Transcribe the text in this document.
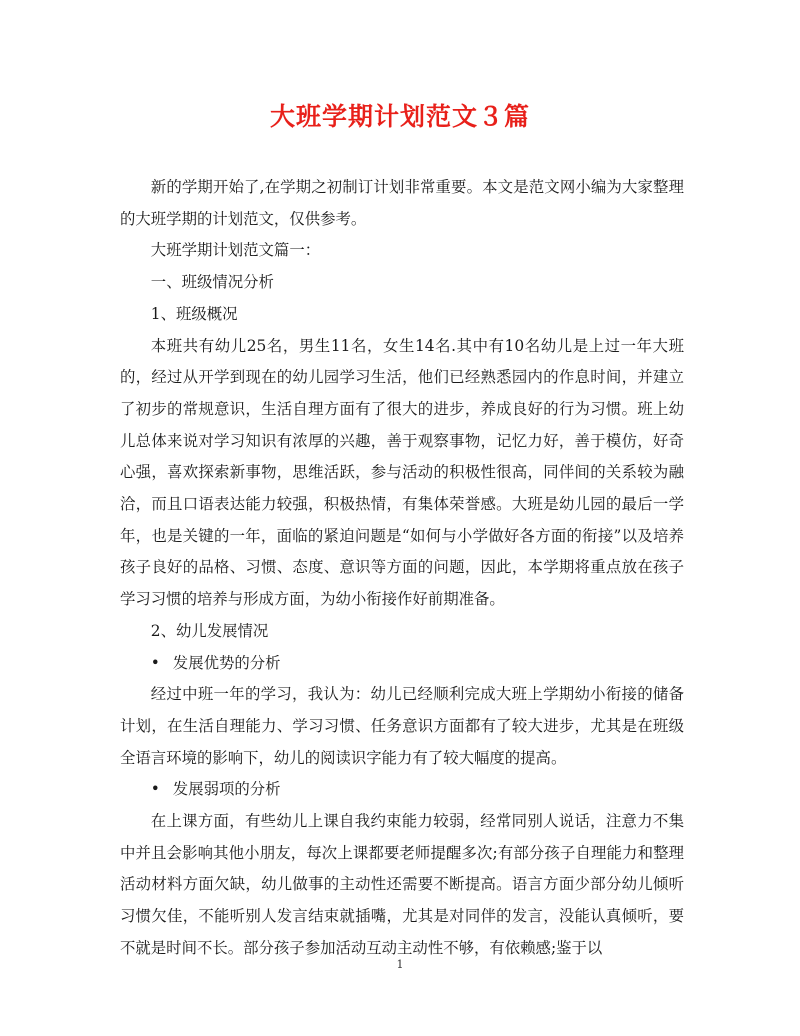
大班学期计划范文３篇

新的学期开始了,在学期之初制订计划非常重要。本文是范文网小编为大家整理的大班学期的计划范文，仅供参考。

大班学期计划范文篇一：

一、班级情况分析

1、班级概况

本班共有幼儿25名，男生11名，女生14名.其中有10名幼儿是上过一年大班的，经过从开学到现在的幼儿园学习生活，他们已经熟悉园内的作息时间，并建立了初步的常规意识，生活自理方面有了很大的进步，养成良好的行为习惯。班上幼儿总体来说对学习知识有浓厚的兴趣，善于观察事物，记忆力好，善于模仿，好奇心强，喜欢探索新事物，思维活跃，参与活动的积极性很高，同伴间的关系较为融洽，而且口语表达能力较强，积极热情，有集体荣誉感。大班是幼儿园的最后一学年，也是关键的一年，面临的紧迫问题是“如何与小学做好各方面的衔接”以及培养孩子良好的品格、习惯、态度、意识等方面的问题，因此，本学期将重点放在孩子学习习惯的培养与形成方面，为幼小衔接作好前期准备。

2、幼儿发展情况

• 发展优势的分析

经过中班一年的学习，我认为：幼儿已经顺利完成大班上学期幼小衔接的储备计划，在生活自理能力、学习习惯、任务意识方面都有了较大进步，尤其是在班级全语言环境的影响下，幼儿的阅读识字能力有了较大幅度的提高。

• 发展弱项的分析

在上课方面，有些幼儿上课自我约束能力较弱，经常同别人说话，注意力不集中并且会影响其他小朋友，每次上课都要老师提醒多次;有部分孩子自理能力和整理活动材料方面欠缺，幼儿做事的主动性还需要不断提高。语言方面少部分幼儿倾听习惯欠佳，不能听别人发言结束就插嘴，尤其是对同伴的发言，没能认真倾听，要不就是时间不长。部分孩子参加活动互动主动性不够，有依赖感;鉴于以

1
